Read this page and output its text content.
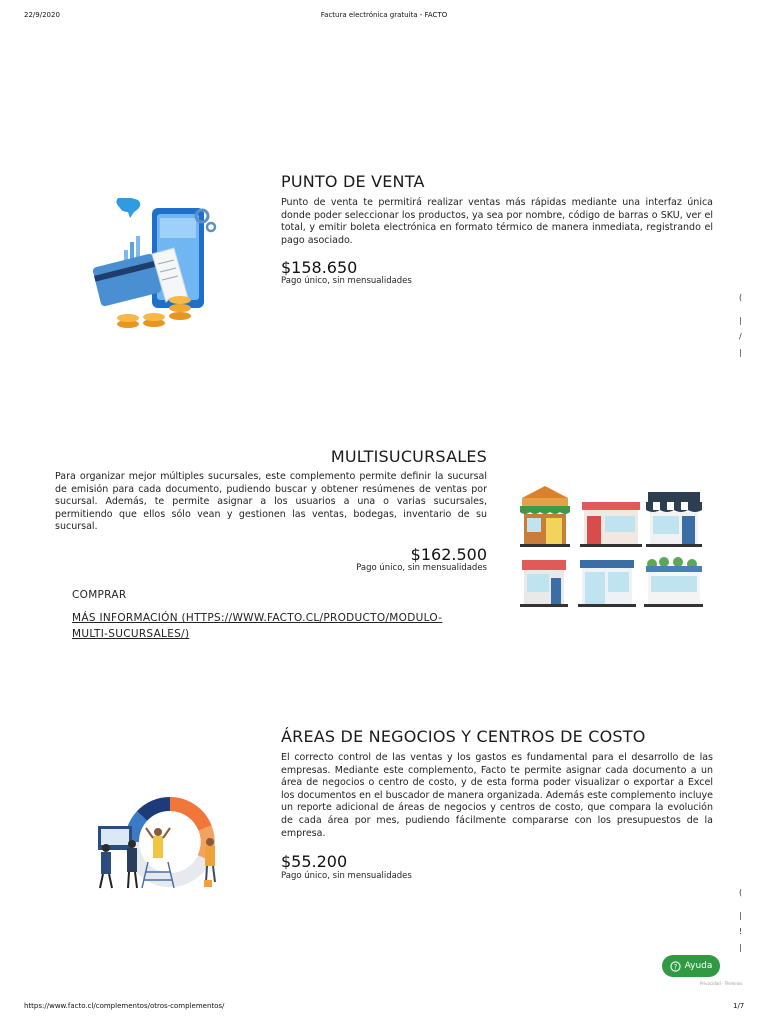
22/9/2020	Factura electrónica gratuita - FACTO
PUNTO DE VENTA

Punto de venta te permitirá realizar ventas más rápidas mediante una interfaz única donde poder seleccionar los productos, ya sea por nombre, código de barras o SKU, ver el total, y emitir boleta electrónica en formato térmico de manera inmediata, registrando el pago asociado.

$158.650
Pago único, sin mensualidades
(
|
/
|
MULTISUCURSALES

Para organizar mejor múltiples sucursales, este complemento permite definir la sucursal de emisión para cada documento, pudiendo buscar y obtener resúmenes de ventas por sucursal. Además, te permite asignar a los usuarios a una o varias sucursales, permitiendo que ellos sólo vean y gestionen las ventas, bodegas, inventario de su sucursal.

$162.500
Pago único, sin mensualidades
COMPRAR
MÁS INFORMACIÓN (HTTPS://WWW.FACTO.CL/PRODUCTO/MODULO-
MULTI-SUCURSALES/)
ÁREAS DE NEGOCIOS Y CENTROS DE COSTO

El correcto control de las ventas y los gastos es fundamental para el desarrollo de las empresas. Mediante este complemento, Facto te permite asignar cada documento a un área de negocios o centro de costo, y de esta forma poder visualizar o exportar a Excel los documentos en el buscador de manera organizada. Además este complemento incluye un reporte adicional de áreas de negocios y centros de costo, que compara la evolución de cada área por mes, pudiendo fácilmente compararse con los presupuestos de la empresa.

$55.200
Pago único, sin mensualidades
(
|
!
|
? Ayuda
Privacidad · Términos
https://www.facto.cl/complementos/otros-complementos/	1/7
